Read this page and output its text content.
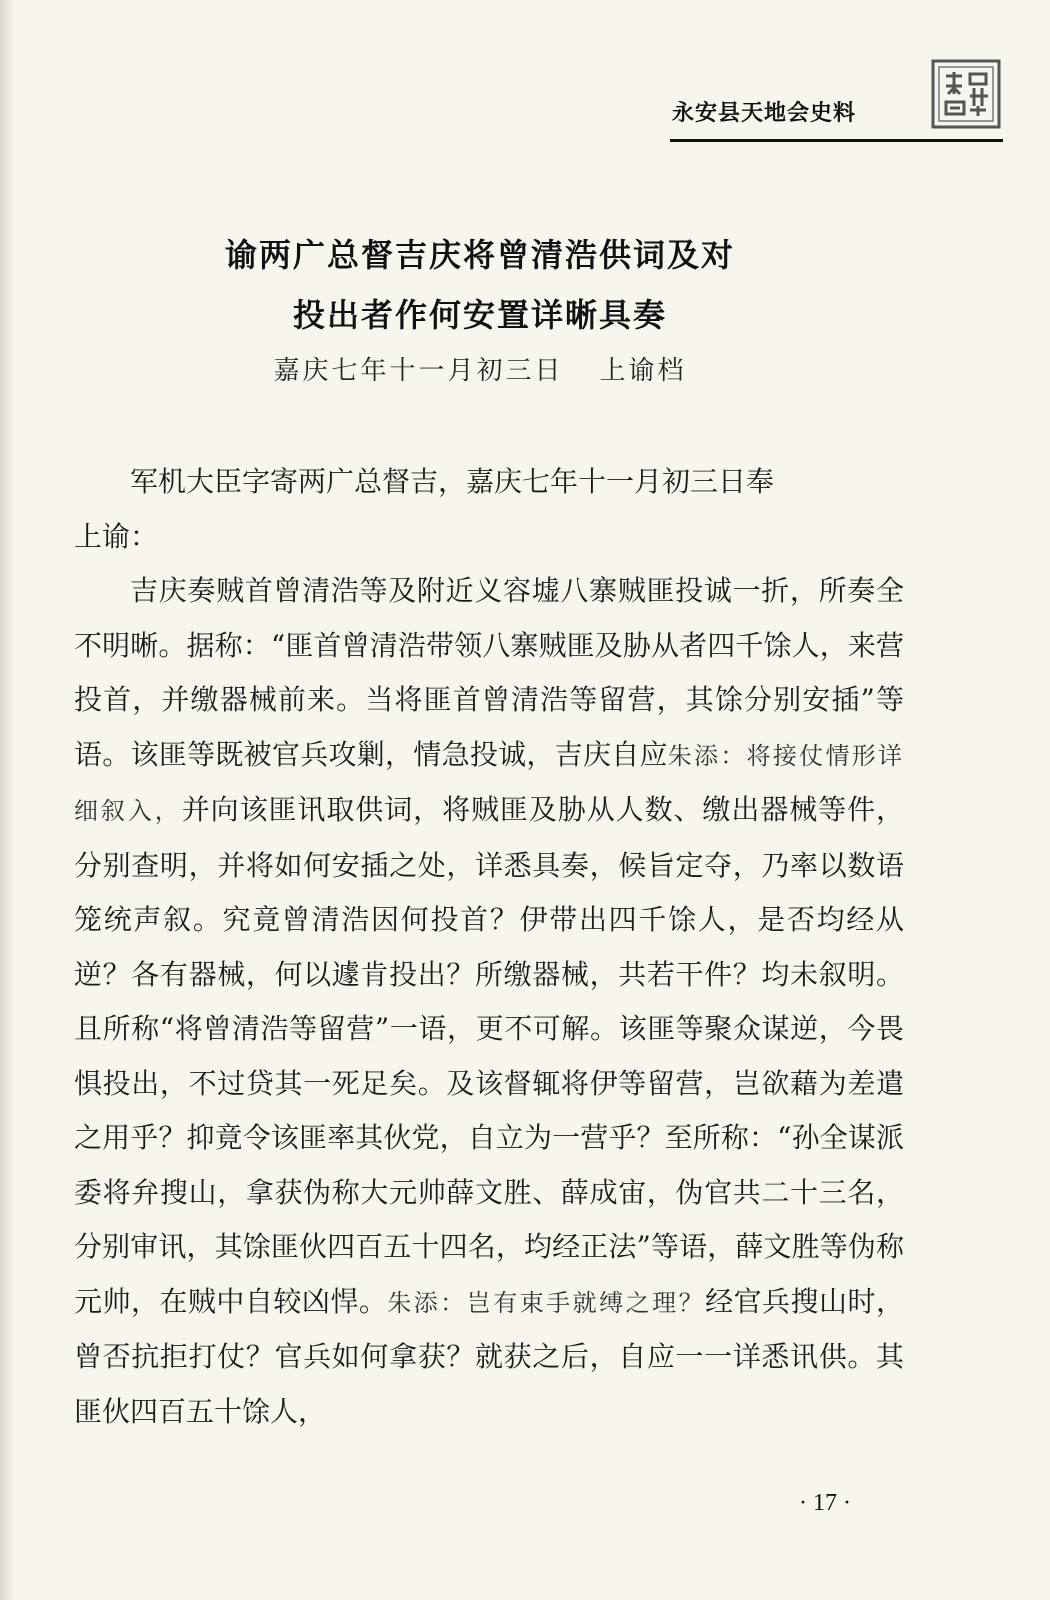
永安县天地会史料
谕两广总督吉庆将曾清浩供词及对
投出者作何安置详晰具奏
嘉庆七年十一月初三日 上谕档

军机大臣字寄两广总督吉，嘉庆七年十一月初三日奉

上谕：

吉庆奏贼首曾清浩等及附近义容墟八寨贼匪投诚一折，所奏全不明晰。据称：“匪首曾清浩带领八寨贼匪及胁从者四千馀人，来营投首，并缴器械前来。当将匪首曾清浩等留营，其馀分别安插”等语。该匪等既被官兵攻剿，情急投诚，吉庆自应朱添：将接仗情形详细叙入，并向该匪讯取供词，将贼匪及胁从人数、缴出器械等件，分别查明，并将如何安插之处，详悉具奏，候旨定夺，乃率以数语笼统声叙。究竟曾清浩因何投首？伊带出四千馀人，是否均经从逆？各有器械，何以遽肯投出？所缴器械，共若干件？均未叙明。且所称“将曾清浩等留营”一语，更不可解。该匪等聚众谋逆，今畏惧投出，不过贷其一死足矣。及该督辄将伊等留营，岂欲藉为差遣之用乎？抑竟令该匪率其伙党，自立为一营乎？至所称：“孙全谋派委将弁搜山，拿获伪称大元帅薛文胜、薛成宙，伪官共二十三名，分别审讯，其馀匪伙四百五十四名，均经正法”等语，薛文胜等伪称元帅，在贼中自较凶悍。朱添：岂有束手就缚之理？经官兵搜山时，曾否抗拒打仗？官兵如何拿获？就获之后，自应一一详悉讯供。其匪伙四百五十馀人，

· 17 ·
